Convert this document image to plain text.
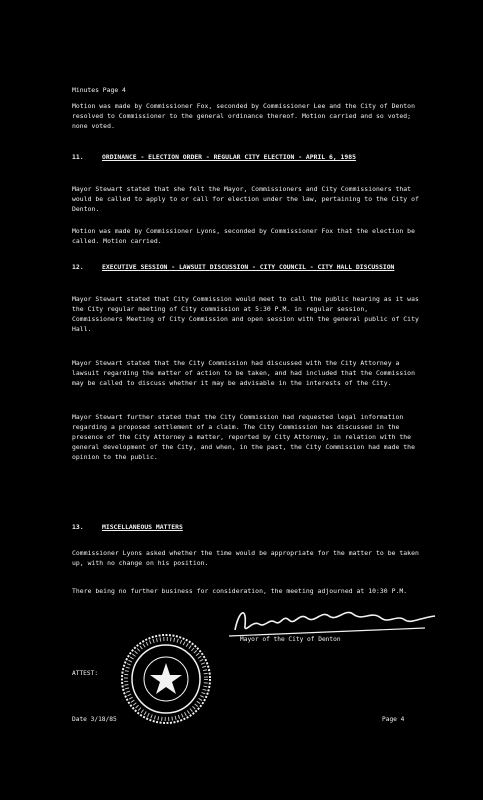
Minutes Page 4
Motion was made by Commissioner Fox, seconded by Commissioner Lee and the City of Denton resolved to Commissioner to the general ordinance thereof. Motion carried and so voted; none voted.
11.	ORDINANCE - ELECTION ORDER - REGULAR CITY ELECTION - APRIL 6, 1985
Mayor Stewart stated that she felt the Mayor, Commissioners and City Commissioners that would be called to apply to or call for election under the law, pertaining to the City of Denton.
Motion was made by Commissioner Lyons, seconded by Commissioner Fox that the election be called. Motion carried.
12.	EXECUTIVE SESSION - LAWSUIT DISCUSSION - CITY COUNCIL - CITY HALL DISCUSSION
Mayor Stewart stated that City Commission would meet to call the public hearing as it was the City regular meeting of City commission at 5:30 P.M. in regular session, Commissioners Meeting of City Commission and open session with the general public of City Hall.
Mayor Stewart stated that the City Commission had discussed with the City Attorney a lawsuit regarding the matter of action to be taken, and had included that the Commission may be called to discuss whether it may be advisable in the interests of the City.
Mayor Stewart further stated that the City Commission had requested legal information regarding a proposed settlement of a claim. The City Commission has discussed in the presence of the City Attorney a matter, reported by City Attorney, in relation with the general development of the City, and when, in the past, the City Commission had made the opinion to the public.
13.	MISCELLANEOUS MATTERS
Commissioner Lyons asked whether the time would be appropriate for the matter to be taken up, with no change on his position.
There being no further business for consideration, the meeting adjourned at 10:30 P.M.
Mayor of the City of Denton
ATTEST:
Date 3/18/85	Page 4
